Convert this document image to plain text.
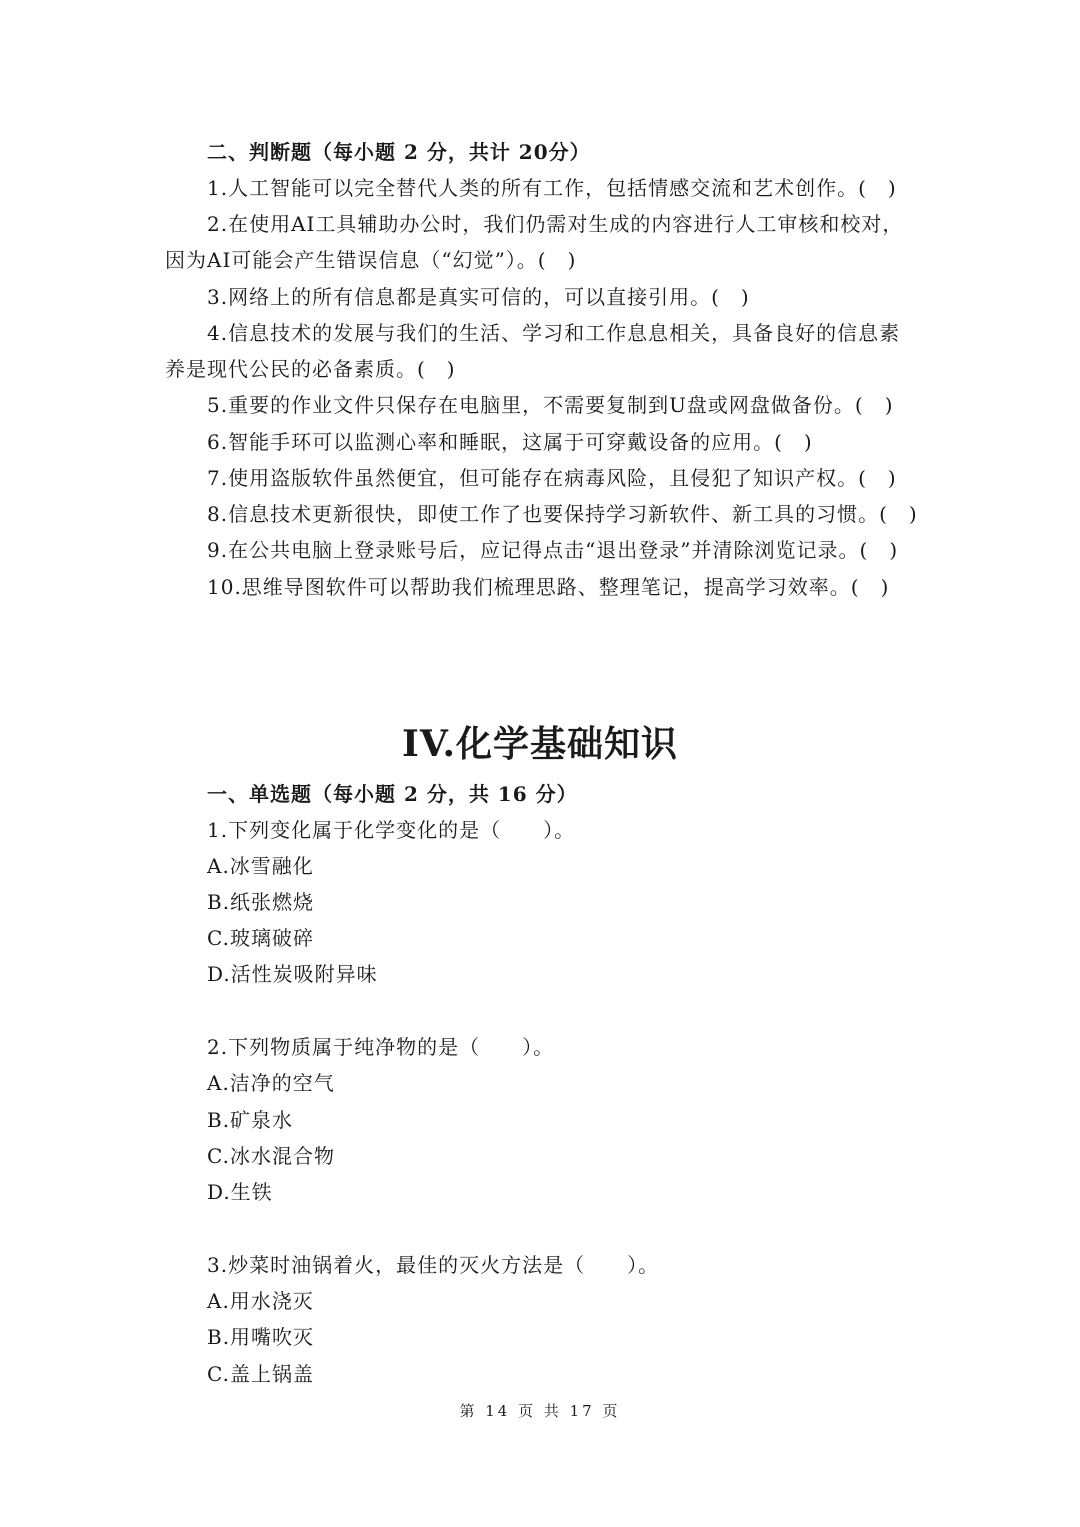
二、判断题（每小题 2 分，共计 20分）
1.人工智能可以完全替代人类的所有工作，包括情感交流和艺术创作。(　)
2.在使用AI工具辅助办公时，我们仍需对生成的内容进行人工审核和校对，
因为AI可能会产生错误信息（“幻觉”）。(　)
3.网络上的所有信息都是真实可信的，可以直接引用。(　)
4.信息技术的发展与我们的生活、学习和工作息息相关，具备良好的信息素
养是现代公民的必备素质。(　)
5.重要的作业文件只保存在电脑里，不需要复制到U盘或网盘做备份。(　)
6.智能手环可以监测心率和睡眠，这属于可穿戴设备的应用。(　)
7.使用盗版软件虽然便宜，但可能存在病毒风险，且侵犯了知识产权。(　)
8.信息技术更新很快，即使工作了也要保持学习新软件、新工具的习惯。(　)
9.在公共电脑上登录账号后，应记得点击“退出登录”并清除浏览记录。(　)
10.思维导图软件可以帮助我们梳理思路、整理笔记，提高学习效率。(　)
IV.化学基础知识
一、单选题（每小题 2 分，共 16 分）
1.下列变化属于化学变化的是（　　）。
A.冰雪融化
B.纸张燃烧
C.玻璃破碎
D.活性炭吸附异味
2.下列物质属于纯净物的是（　　）。
A.洁净的空气
B.矿泉水
C.冰水混合物
D.生铁
3.炒菜时油锅着火，最佳的灭火方法是（　　）。
A.用水浇灭
B.用嘴吹灭
C.盖上锅盖
第 14 页 共 17 页
